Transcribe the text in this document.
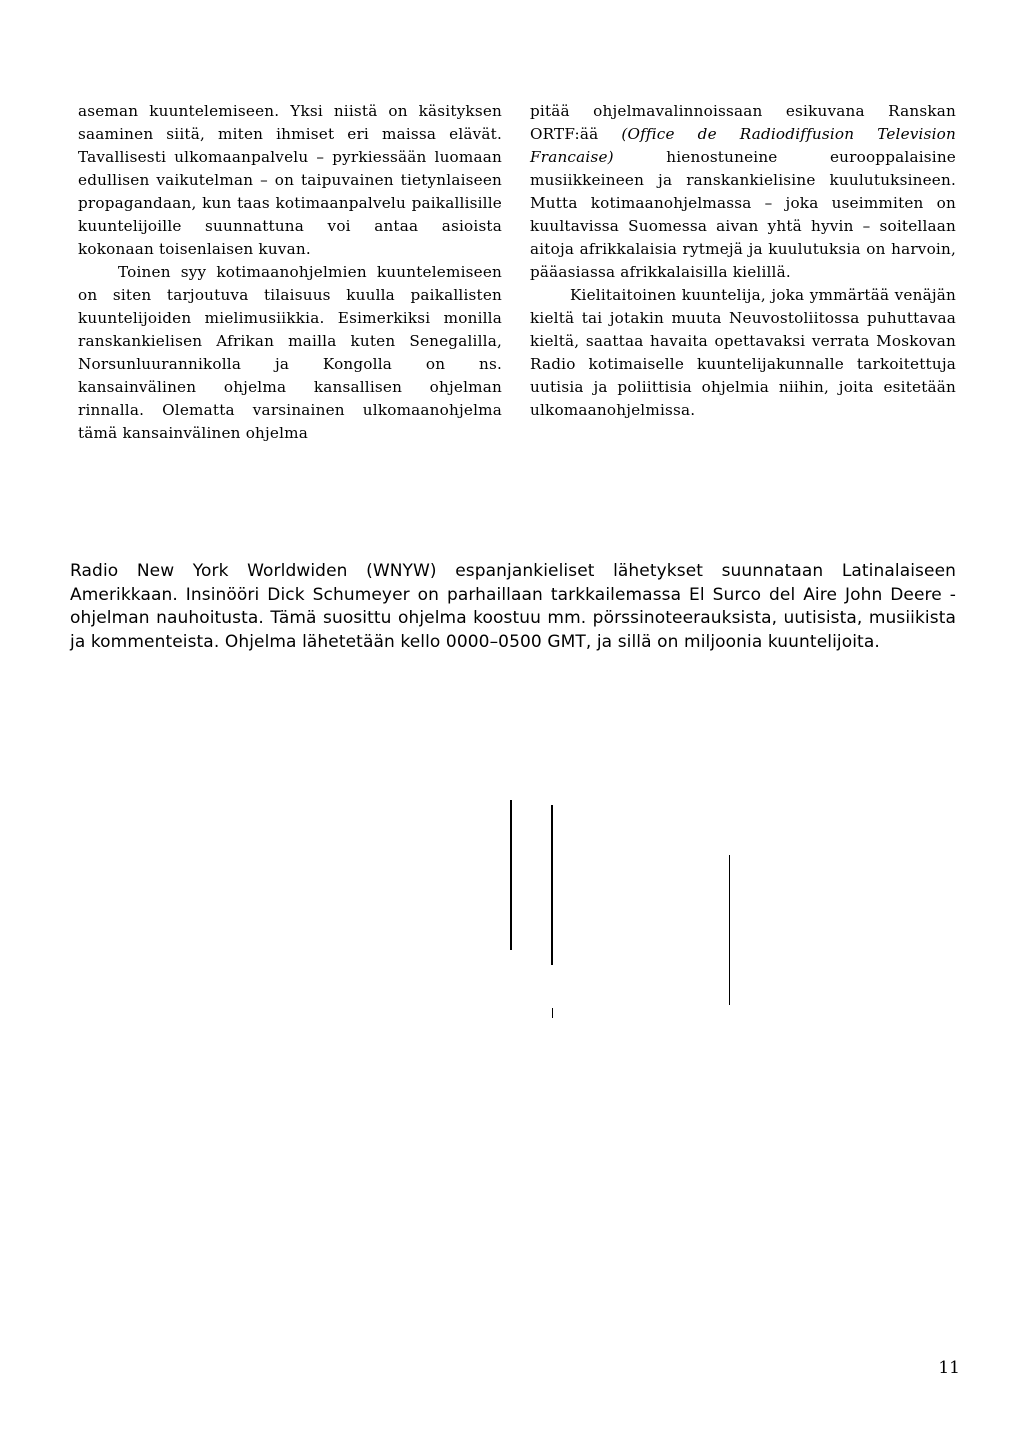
aseman kuuntelemiseen. Yksi niistä on käsityksen saaminen siitä, miten ihmiset eri maissa elävät. Tavallisesti ulkomaanpalvelu – pyrkiessään luomaan edullisen vaikutelman – on taipuvainen tietynlaiseen propagandaan, kun taas kotimaanpalvelu paikallisille kuuntelijoille suunnattuna voi antaa asioista kokonaan toisenlaisen kuvan.

Toinen syy kotimaanohjelmien kuuntelemiseen on siten tarjoutuva tilaisuus kuulla paikallisten kuuntelijoiden mielimusiikkia. Esimerkiksi monilla ranskankielisen Afrikan mailla kuten Senegalilla, Norsunluurannikolla ja Kongolla on ns. kansainvälinen ohjelma kansallisen ohjelman rinnalla. Olematta varsinainen ulkomaanohjelma tämä kansainvälinen ohjelma

pitää ohjelmavalinnoissaan esikuvana Ranskan ORTF:ää (Office de Radiodiffusion Television Francaise) hienostuneine eurooppalaisine musiikkeineen ja ranskankielisine kuulutuksineen. Mutta kotimaanohjelmassa – joka useimmiten on kuultavissa Suomessa aivan yhtä hyvin – soitellaan aitoja afrikkalaisia rytmejä ja kuulutuksia on harvoin, pääasiassa afrikkalaisilla kielillä.

Kielitaitoinen kuuntelija, joka ymmärtää venäjän kieltä tai jotakin muuta Neuvostoliitossa puhuttavaa kieltä, saattaa havaita opettavaksi verrata Moskovan Radio kotimaiselle kuuntelijakunnalle tarkoitettuja uutisia ja poliittisia ohjelmia niihin, joita esitetään ulkomaanohjelmissa.

Radio New York Worldwiden (WNYW) espanjankieliset lähetykset suunnataan Latinalaiseen Amerikkaan. Insinööri Dick Schumeyer on parhaillaan tarkkailemassa El Surco del Aire John Deere -ohjelman nauhoitusta. Tämä suosittu ohjelma koostuu mm. pörssinoteerauksista, uutisista, musiikista ja kommenteista. Ohjelma lähetetään kello 0000–0500 GMT, ja sillä on miljoonia kuuntelijoita.

11
